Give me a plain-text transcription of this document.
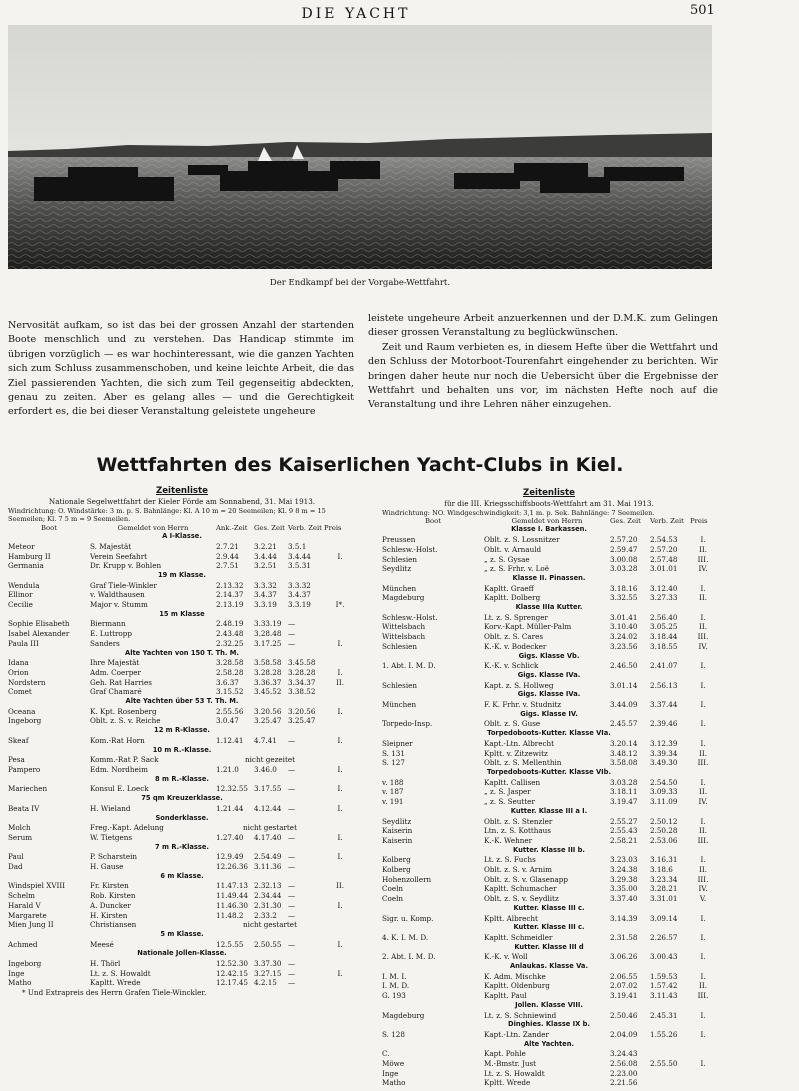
DIE YACHT	501
Der Endkampf bei der Vorgabe-Wettfahrt.

Nervosität aufkam, so ist das bei der grossen Anzahl der startenden Boote menschlich und zu verstehen. Das Handicap stimmte im übrigen vorzüglich — es war hochinteressant, wie die ganzen Yachten sich zum Schluss zusammenschoben, und keine leichte Arbeit, die das Ziel passierenden Yachten, die sich zum Teil gegenseitig abdeckten, genau zu zeiten. Aber es gelang alles — und die Gerechtigkeit erfordert es, die bei dieser Veranstaltung geleistete ungeheure

leistete ungeheure Arbeit anzuerkennen und der D.M.K. zum Gelingen dieser grossen Veranstaltung zu beglückwünschen.

Zeit und Raum verbieten es, in diesem Hefte über die Wettfahrt und den Schluss der Motorboot-Tourenfahrt eingehender zu berichten. Wir bringen daher heute nur noch die Uebersicht über die Ergebnisse der Wettfahrt und behalten uns vor, im nächsten Hefte noch auf die Veranstaltung und ihre Lehren näher einzugehen.

Wettfahrten des Kaiserlichen Yacht-Clubs in Kiel.
Zeitenliste
Nationale Segelwettfahrt der Kieler Förde am Sonnabend, 31. Mai 1913.
Windrichtung: O. Windstärke: 3 m. p. S. Bahnlänge: Kl. A 10 m = 20 Seemeilen; Kl. 9 8 m = 15 Seemeilen; Kl. 7 5 m = 9 Seemeilen.
Boot	Gemeldet von Herrn	Ank.-Zeit	Ges. Zeit	Verb. Zeit	Preis
A I-Klasse.					
Meteor	S. Majestät	2.7.21	3.2.21	3.5.1	
Hamburg II	Verein Seefahrt	2.9.44	3.4.44	3.4.44	I.
Germania	Dr. Krupp v. Bohlen	2.7.51	3.2.51	3.5.31	
19 m Klasse.					
Wendula	Graf Tiele-Winkler	2.13.32	3.3.32	3.3.32	
Ellinor	v. Waldthausen	2.14.37	3.4.37	3.4.37	
Cecilie	Major v. Stumm	2.13.19	3.3.19	3.3.19	I*.
15 m Klasse					
Sophie Elisabeth	Biermann	2.48.19	3.33.19	—	
Isabel Alexander	E. Luttropp	2.43.48	3.28.48	—	
Paula III	Sanders	2.32.25	3.17.25	—	I.
Alte Yachten von 150 T. Th. M.					
Idana	Ihre Majestät	3.28.58	3.58.58	3.45.58	
Orion	Adm. Coerper	2.58.28	3.28.28	3.28.28	I.
Nordstern	Geh. Rat Harries	3.6.37	3.36.37	3.34.37	II.
Comet	Graf Chamaré	3.15.52	3.45.52	3.38.52	
Alte Yachten über 53 T. Th. M.					
Oceana	K. Kpt. Rosenberg	2.55.56	3.20.56	3.20.56	I.
Ingeborg	Oblt. z. S. v. Reiche	3.0.47	3.25.47	3.25.47	
12 m R-Klasse.					
Skeaf	Kom.-Rat Horn	1.12.41	4.7.41	—	I.
10 m R.-Klasse.					
Pesa	Komm.-Rat P. Sack	nicht gezeitet			
Pampero	Edm. Nordheim	1.21.0	3.46.0	—	I.
8 m R.-Klasse.					
Mariechen	Konsul E. Loeck	12.32.55	3.17.55	—	I.
75 qm Kreuzerklasse.					
Beata IV	H. Wieland	1.21.44	4.12.44	—	I.
Sonderklasse.					
Molch	Freg.-Kapt. Adelung	nicht gestartet			
Serum	W. Tietgens	1.27.40	4.17.40	—	I.
7 m R.-Klasse.					
Paul	P. Scharstein	12.9.49	2.54.49	—	I.
Dad	H. Gause	12.26.36	3.11.36	—	
6 m Klasse.					
Windspiel XVIII	Fr. Kirsten	11.47.13	2.32.13	—	II.
Schelm	Rob. Kirsten	11.49.44	2.34.44	—	
Harald V	A. Duncker	11.46.30	2.31.30	—	I.
Margarete	H. Kirsten	11.48.2	2.33.2	—	
Mien Jung II	Christiansen	nicht gestartet			
5 m Klasse.					
Achmed	Meesé	12.5.55	2.50.55	—	I.
Nationale Jollen-Klasse.					
Ingeborg	H. Thörl	12.52.30	3.37.30	—	
Inge	Lt. z. S. Howaldt	12.42.15	3.27.15	—	I.
Matho	Kapltt. Wrede	12.17.45	4.2.15	—	
* Und Extrapreis des Herrn Grafen Tiele-Winckler.
Zeitenliste
für die III. Kriegsschiffsboots-Wettfahrt am 31. Mai 1913.
Windrichtung: NO. Windgeschwindigkeit: 3,1 m. p. Sek. Bahnlänge: 7 Seemeilen.
Boot	Gemeldet von Herrn	Ges. Zeit	Verb. Zeit	Preis
Klasse I. Barkassen.				
Preussen	Oblt. z. S. Lossnitzer	2.57.20	2.54.53	I.
Schlesw.-Holst.	Oblt. v. Arnauld	2.59.47	2.57.20	II.
Schlesien	„ z. S. Gysae	3.00.08	2.57.48	III.
Seydlitz	„ z. S. Frhr. v. Loë	3.03.28	3.01.01	IV.
Klasse II. Pinassen.				
München	Kapltt. Graeff	3.18.16	3.12.40	I.
Magdeburg	Kapltt. Dolberg	3.32.55	3.27.33	II.
Klasse IIIa Kutter.				
Schlesw.-Holst.	Lt. z. S. Sprenger	3.01.41	2.56.40	I.
Wittelsbach	Korv.-Kapt. Müller-Palm	3.10.40	3.05.25	II.
Wittelsbach	Oblt. z. S. Cares	3.24.02	3.18.44	III.
Schlesien	K.-K. v. Bodecker	3.23.56	3.18.55	IV.
Gigs. Klasse Vb.				
1. Abt. I. M. D.	K.-K. v. Schlick	2.46.50	2.41.07	I.
Gigs. Klasse IVa.				
Schlesien	Kapt. z. S. Hollweg	3.01.14	2.56.13	I.
Gigs. Klasse IVa.				
München	F. K. Frhr. v. Studnitz	3.44.09	3.37.44	I.
Gigs. Klasse IV.				
Torpedo-Insp.	Oblt. z. S. Guse	2.45.57	2.39.46	I.
Torpedoboots-Kutter. Klasse VIa.				
Sleipner	Kapt.-Ltn. Albrecht	3.20.14	3.12.39	I.
S. 131	Kpltt. v. Zitzewitz	3.48.12	3.39.34	II.
S. 127	Oblt. z. S. Mellenthin	3.58.08	3.49.30	III.
Torpedoboots-Kutter. Klasse VIb.				
v. 188	Kapltt. Callisen	3.03.28	2.54.50	I.
v. 187	„ z. S. Jasper	3.18.11	3.09.33	II.
v. 191	„ z. S. Seutter	3.19.47	3.11.09	IV.
Kutter. Klasse III a I.				
Seydlitz	Oblt. z. S. Stenzler	2.55.27	2.50.12	I.
Kaiserin	Ltn. z. S. Kotthaus	2.55.43	2.50.28	II.
Kaiserin	K.-K. Wehner	2.58.21	2.53.06	III.
Kutter. Klasse III b.				
Kolberg	Lt. z. S. Fuchs	3.23.03	3.16.31	I.
Kolberg	Oblt. z. S. v. Arnim	3.24.38	3.18.6	II.
Hohenzollern	Oblt. z. S. v. Glasenapp	3.29.38	3.23.34	III.
Coeln	Kapltt. Schumacher	3.35.00	3.28.21	IV.
Coeln	Oblt. z. S. v. Seydlitz	3.37.40	3.31.01	V.
Kutter. Klasse III c.				
Sigr. u. Komp.	Kpltt. Albrecht	3.14.39	3.09.14	I.
Kutter. Klasse III c.				
4. K. I. M. D.	Kapltt. Schmeidler	2.31.58	2.26.57	I.
Kutter. Klasse III d				
2. Abt. I. M. D.	K.-K. v. Woll	3.06.26	3.00.43	I.
Anlaukas. Klasse Va.				
I. M. I.	K. Adm. Mischke	2.06.55	1.59.53	I.
I. M. D.	Kapltt. Oldenburg	2.07.02	1.57.42	II.
G. 193	Kapltt. Paul	3.19.41	3.11.43	III.
Jollen. Klasse VIII.				
Magdeburg	Lt. z. S. Schniewind	2.50.46	2.45.31	I.
Dinghies. Klasse IX b.				
S. 128	Kapt.-Ltn. Zander	2.04.09	1.55.26	I.
Alte Yachten.				
C.	Kapt. Pohle	3.24.43		
Möwe	M.-Bmstr. Just	2.56.08	2.55.50	I.
Inge	Lt. z. S. Howaldt	2.23.00		
Matho	Kpltt. Wrede	2.21.56		
